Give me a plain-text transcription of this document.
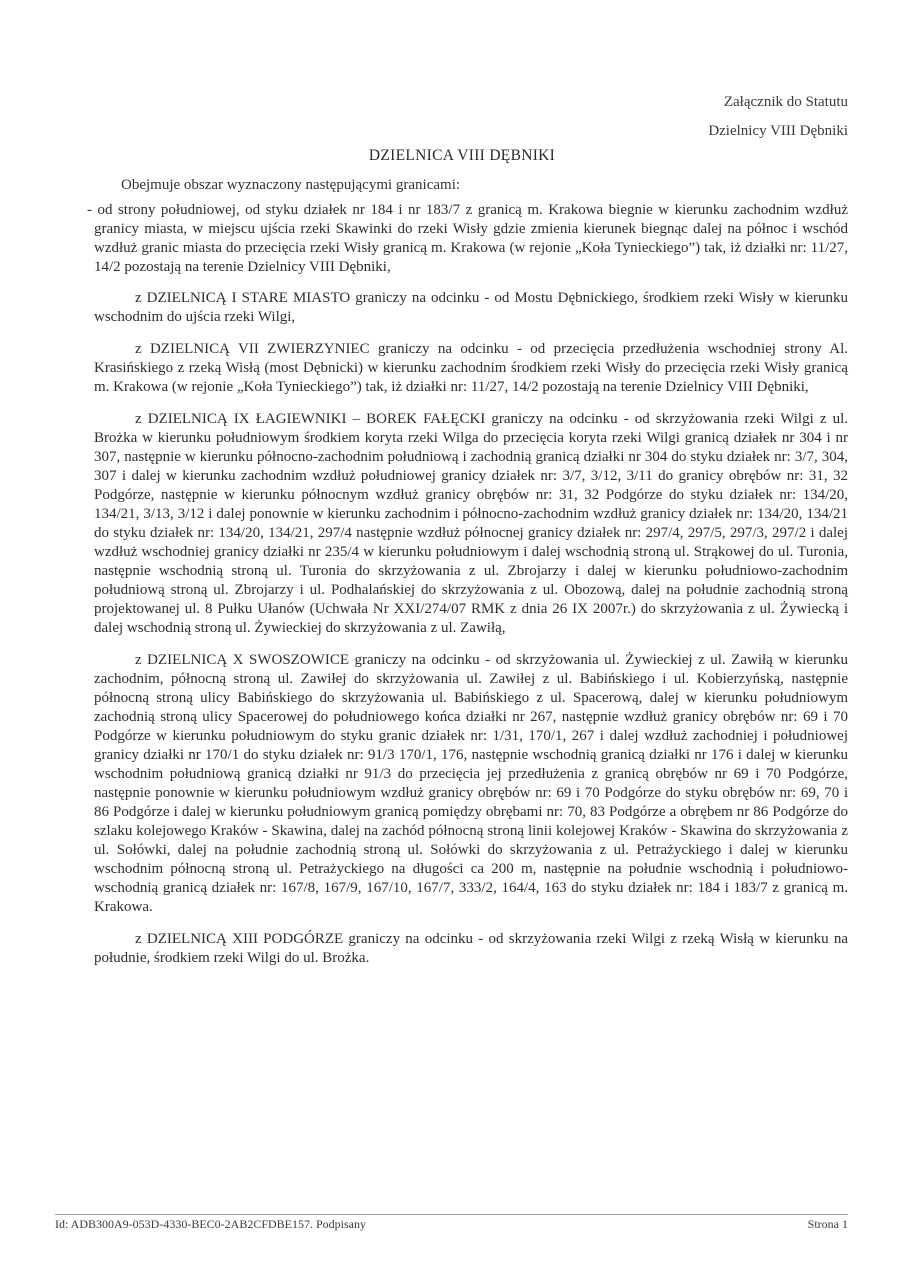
Załącznik do Statutu
Dzielnicy VIII Dębniki
DZIELNICA VIII DĘBNIKI
Obejmuje obszar wyznaczony następującymi granicami:

- od strony południowej, od styku działek nr 184 i nr 183/7 z granicą m. Krakowa biegnie w kierunku zachodnim wzdłuż granicy miasta, w miejscu ujścia rzeki Skawinki do rzeki Wisły gdzie zmienia kierunek biegnąc dalej na północ i wschód wzdłuż granic miasta do przecięcia rzeki Wisły granicą m. Krakowa (w rejonie „Koła Tynieckiego”) tak, iż działki nr: 11/27, 14/2 pozostają na terenie Dzielnicy VIII Dębniki,

z DZIELNICĄ I STARE MIASTO graniczy na odcinku - od Mostu Dębnickiego, środkiem rzeki Wisły w kierunku wschodnim do ujścia rzeki Wilgi,

z DZIELNICĄ VII ZWIERZYNIEC graniczy na odcinku - od przecięcia przedłużenia wschodniej strony Al. Krasińskiego z rzeką Wisłą (most Dębnicki) w kierunku zachodnim środkiem rzeki Wisły do przecięcia rzeki Wisły granicą m. Krakowa (w rejonie „Koła Tynieckiego”) tak, iż działki nr: 11/27, 14/2 pozostają na terenie Dzielnicy VIII Dębniki,

z DZIELNICĄ IX ŁAGIEWNIKI – BOREK FAŁĘCKI graniczy na odcinku - od skrzyżowania rzeki Wilgi z ul. Brożka w kierunku południowym środkiem koryta rzeki Wilga do przecięcia koryta rzeki Wilgi granicą działek nr 304 i nr 307, następnie w kierunku północno-zachodnim południową i zachodnią granicą działki nr 304 do styku działek nr: 3/7, 304, 307 i dalej w kierunku zachodnim wzdłuż południowej granicy działek nr: 3/7, 3/12, 3/11 do granicy obrębów nr: 31, 32 Podgórze, następnie w kierunku północnym wzdłuż granicy obrębów nr: 31, 32 Podgórze do styku działek nr: 134/20, 134/21, 3/13, 3/12 i dalej ponownie w kierunku zachodnim i północno-zachodnim wzdłuż granicy działek nr: 134/20, 134/21 do styku działek nr: 134/20, 134/21, 297/4 następnie wzdłuż północnej granicy działek nr: 297/4, 297/5, 297/3, 297/2 i dalej wzdłuż wschodniej granicy działki nr 235/4 w kierunku południowym i dalej wschodnią stroną ul. Strąkowej do ul. Turonia, następnie wschodnią stroną ul. Turonia do skrzyżowania z ul. Zbrojarzy i dalej w kierunku południowo-zachodnim południową stroną ul. Zbrojarzy i ul. Podhalańskiej do skrzyżowania z ul. Obozową, dalej na południe zachodnią stroną projektowanej ul. 8 Pułku Ułanów (Uchwała Nr XXI/274/07 RMK z dnia 26 IX 2007r.) do skrzyżowania z ul. Żywiecką i dalej wschodnią stroną ul. Żywieckiej do skrzyżowania z ul. Zawiłą,

z DZIELNICĄ X SWOSZOWICE graniczy na odcinku - od skrzyżowania ul. Żywieckiej z ul. Zawiłą w kierunku zachodnim, północną stroną ul. Zawiłej do skrzyżowania ul. Zawiłej z ul. Babińskiego i ul. Kobierzyńską, następnie północną stroną ulicy Babińskiego do skrzyżowania ul. Babińskiego z ul. Spacerową, dalej w kierunku południowym zachodnią stroną ulicy Spacerowej do południowego końca działki nr 267, następnie wzdłuż granicy obrębów nr: 69 i 70 Podgórze w kierunku południowym do styku granic działek nr: 1/31, 170/1, 267 i dalej wzdłuż zachodniej i południowej granicy działki nr 170/1 do styku działek nr: 91/3 170/1, 176, następnie wschodnią granicą działki nr 176 i dalej w kierunku wschodnim południową granicą działki nr 91/3 do przecięcia jej przedłużenia z granicą obrębów nr 69 i 70 Podgórze, następnie ponownie w kierunku południowym wzdłuż granicy obrębów nr: 69 i 70 Podgórze do styku obrębów nr: 69, 70 i 86 Podgórze i dalej w kierunku południowym granicą pomiędzy obrębami nr: 70, 83 Podgórze a obrębem nr 86 Podgórze do szlaku kolejowego Kraków - Skawina, dalej na zachód północną stroną linii kolejowej Kraków - Skawina do skrzyżowania z ul. Sołówki, dalej na południe zachodnią stroną ul. Sołówki do skrzyżowania z ul. Petrażyckiego i dalej w kierunku wschodnim północną stroną ul. Petrażyckiego na długości ca 200 m, następnie na południe wschodnią i południowo-wschodnią granicą działek nr: 167/8, 167/9, 167/10, 167/7, 333/2, 164/4, 163 do styku działek nr: 184 i 183/7 z granicą m. Krakowa.

z DZIELNICĄ XIII PODGÓRZE graniczy na odcinku - od skrzyżowania rzeki Wilgi z rzeką Wisłą w kierunku na południe, środkiem rzeki Wilgi do ul. Brożka.

Id: ADB300A9-053D-4330-BEC0-2AB2CFDBE157. Podpisany	Strona 1
